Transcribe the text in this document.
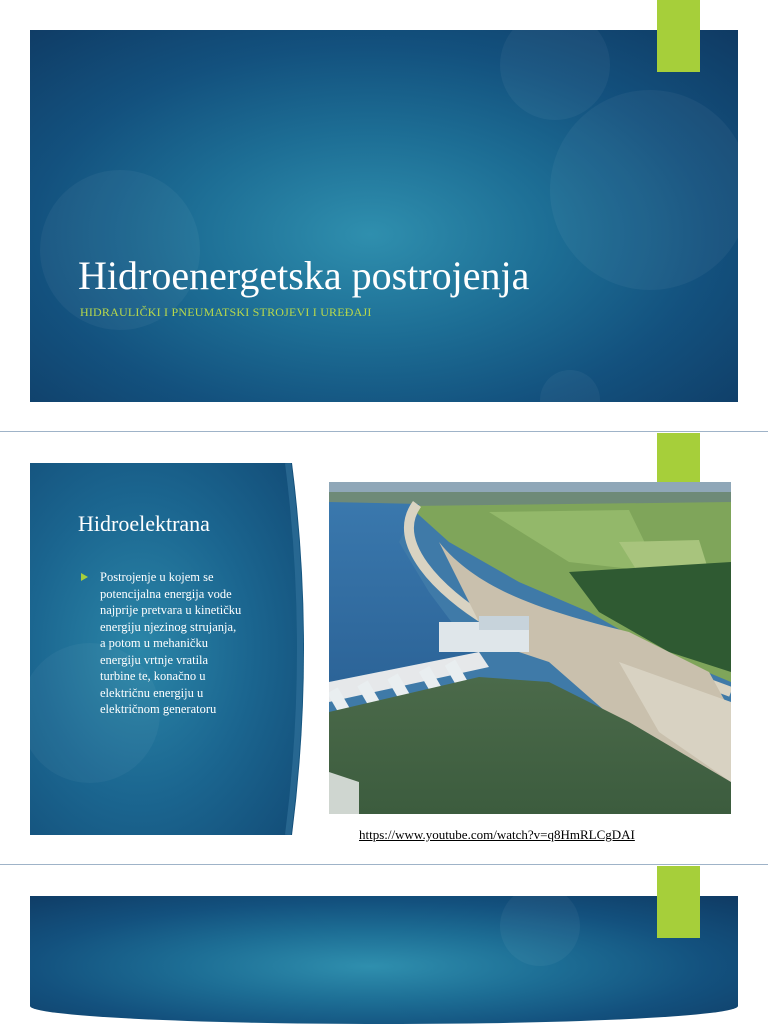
Hidroenergetska postrojenja
HIDRAULIČKI I PNEUMATSKI STROJEVI I UREĐAJI
Hidroelektrana
Postrojenje u kojem se
potencijalna energija vode
najprije pretvara u kinetičku
energiju njezinog strujanja,
a potom u mehaničku
energiju vrtnje vratila
turbine te, konačno u
električnu energiju u
električnom generatoru
https://www.youtube.com/watch?v=q8HmRLCgDAI
